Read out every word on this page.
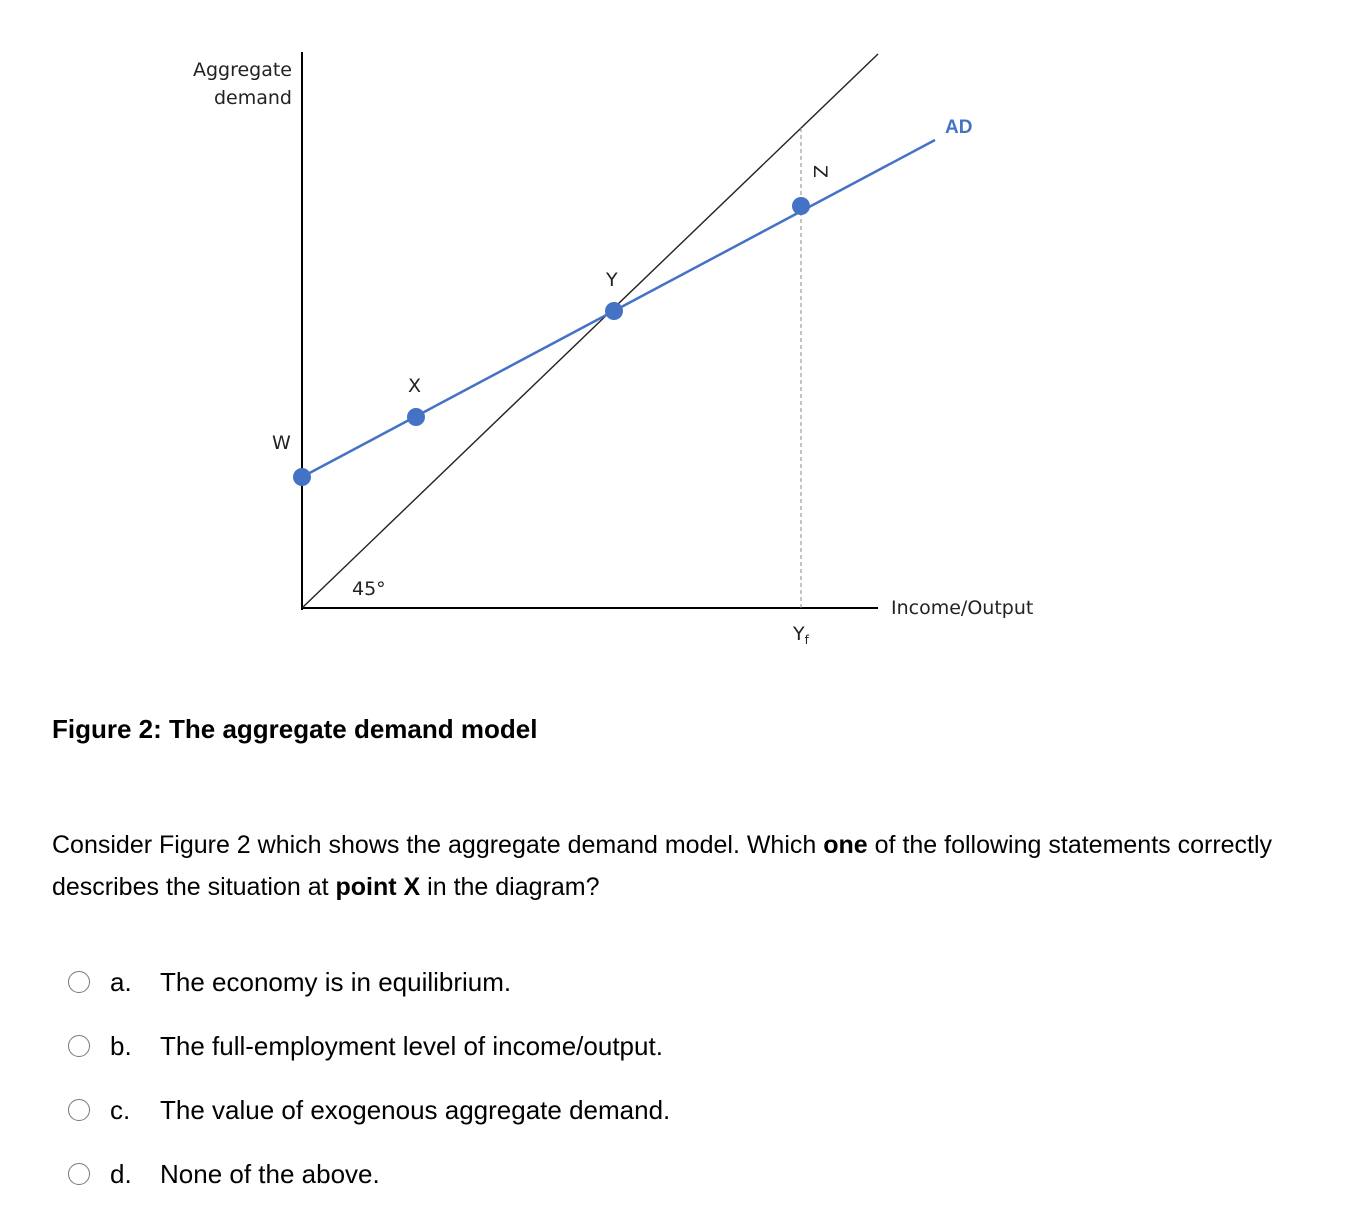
Aggregate
demand
Income/Output
45°
AD
W
X
Y
Z
$Y_f$

Figure 2: The aggregate demand model

Consider Figure 2 which shows the aggregate demand model. Which one of the following statements correctly describes the situation at point X in the diagram?

a.	The economy is in equilibrium.
b.	The full-employment level of income/output.
c.	The value of exogenous aggregate demand.
d.	None of the above.
